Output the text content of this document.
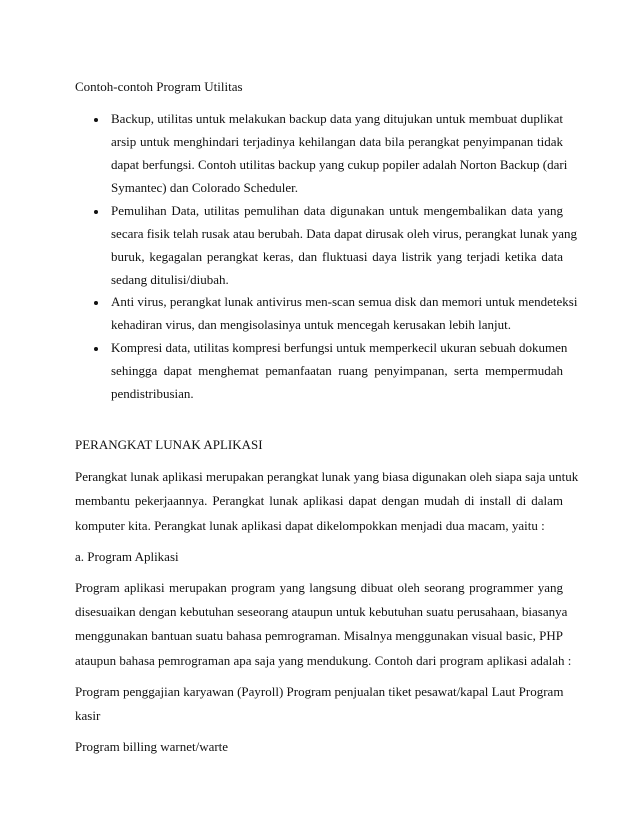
Contoh-contoh Program Utilitas
Backup, utilitas untuk melakukan backup data yang ditujukan untuk membuat duplikat
arsip untuk menghindari terjadinya kehilangan data bila perangkat penyimpanan tidak
dapat berfungsi. Contoh utilitas backup yang cukup popiler adalah Norton Backup (dari
Symantec) dan Colorado Scheduler.
Pemulihan Data, utilitas pemulihan data digunakan untuk mengembalikan data yang
secara fisik telah rusak atau berubah. Data dapat dirusak oleh virus, perangkat lunak yang
buruk, kegagalan perangkat keras, dan fluktuasi daya listrik yang terjadi ketika data
sedang ditulisi/diubah.
Anti virus, perangkat lunak antivirus men-scan semua disk dan memori untuk mendeteksi
kehadiran virus, dan mengisolasinya untuk mencegah kerusakan lebih lanjut.
Kompresi data, utilitas kompresi berfungsi untuk memperkecil ukuran sebuah dokumen
sehingga dapat menghemat pemanfaatan ruang penyimpanan, serta mempermudah
pendistribusian.
PERANGKAT LUNAK APLIKASI
Perangkat lunak aplikasi merupakan perangkat lunak yang biasa digunakan oleh siapa saja untuk
membantu pekerjaannya. Perangkat lunak aplikasi dapat dengan mudah di install di dalam
komputer kita. Perangkat lunak aplikasi dapat dikelompokkan menjadi dua macam, yaitu :
a. Program Aplikasi
Program aplikasi merupakan program yang langsung dibuat oleh seorang programmer yang
disesuaikan dengan kebutuhan seseorang ataupun untuk kebutuhan suatu perusahaan, biasanya
menggunakan bantuan suatu bahasa pemrograman. Misalnya menggunakan visual basic, PHP
ataupun bahasa pemrograman apa saja yang mendukung. Contoh dari program aplikasi adalah :
Program penggajian karyawan (Payroll) Program penjualan tiket pesawat/kapal Laut Program
kasir
Program billing warnet/warte
